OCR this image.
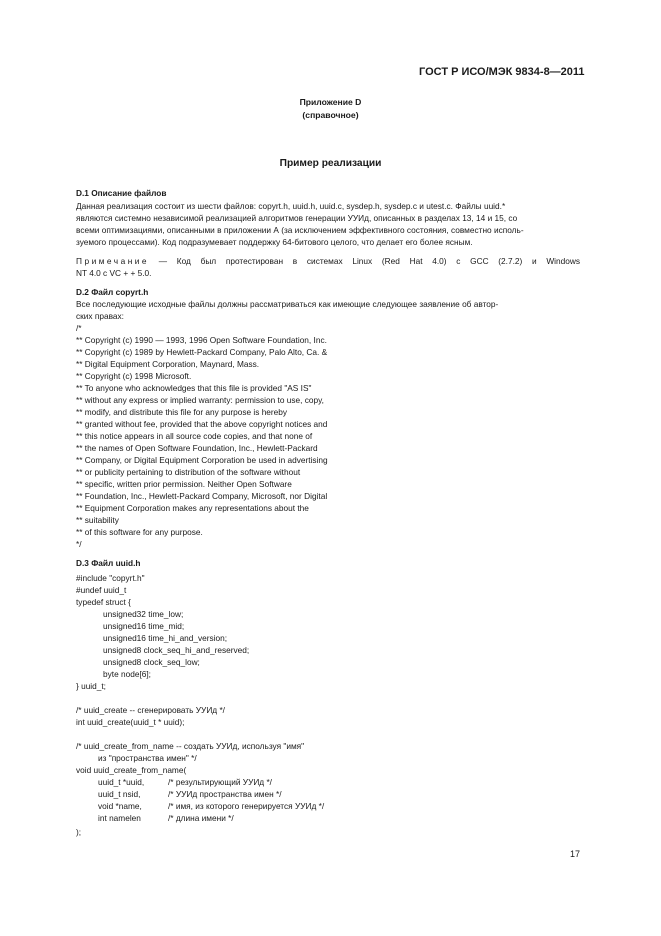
ГОСТ Р ИСО/МЭК 9834-8—2011
Приложение D
(справочное)
Пример реализации
D.1 Описание файлов
Данная реализация состоит из шести файлов: copyrt.h, uuid.h, uuid.c, sysdep.h, sysdep.c и utest.c. Файлы uuid.*
являются системно независимой реализацией алгоритмов генерации УУИд, описанных в разделах 13, 14 и 15, со
всеми оптимизациями, описанными в приложении А (за исключением эффективного состояния, совместно исполь-
зуемого процессами). Код подразумевает поддержку 64-битового целого, что делает его более ясным.
Примечание — Код был протестирован в системах Linux (Red Hat 4.0) с GCC (2.7.2) и Windows
NT 4.0 с VC + + 5.0.
D.2 Файл copyrt.h
Все последующие исходные файлы должны рассматриваться как имеющие следующее заявление об автор-
ских правах:
/*
** Copyright (c) 1990 — 1993, 1996 Open Software Foundation, Inc.
** Copyright (c) 1989 by Hewlett-Packard Company, Palo Alto, Ca. &
** Digital Equipment Corporation, Maynard, Mass.
** Copyright (c) 1998 Microsoft.
** To anyone who acknowledges that this file is provided "AS IS"
** without any express or implied warranty: permission to use, copy,
** modify, and distribute this file for any purpose is hereby
** granted without fee, provided that the above copyright notices and
** this notice appears in all source code copies, and that none of
** the names of Open Software Foundation, Inc., Hewlett-Packard
** Company, or Digital Equipment Corporation be used in advertising
** or publicity pertaining to distribution of the software without
** specific, written prior permission. Neither Open Software
** Foundation, Inc., Hewlett-Packard Company, Microsoft, nor Digital
** Equipment Corporation makes any representations about the
** suitability
** of this software for any purpose.
*/
D.3 Файл uuid.h
#include "copyrt.h"
#undef uuid_t
typedef struct {
unsigned32 time_low;
unsigned16 time_mid;
unsigned16 time_hi_and_version;
unsigned8 clock_seq_hi_and_reserved;
unsigned8 clock_seq_low;
byte node[6];
} uuid_t;
/* uuid_create -- сгенерировать УУИд */
int uuid_create(uuid_t * uuid);
/* uuid_create_from_name -- создать УУИд, используя "имя"
из "пространства имен" */
void uuid_create_from_name(
uuid_t *uuid,	/* результирующий УУИд */
uuid_t nsid,	/* УУИд пространства имен */
void *name,	/* имя, из которого генерируется УУИд */
int namelen	/* длина имени */
);
17
